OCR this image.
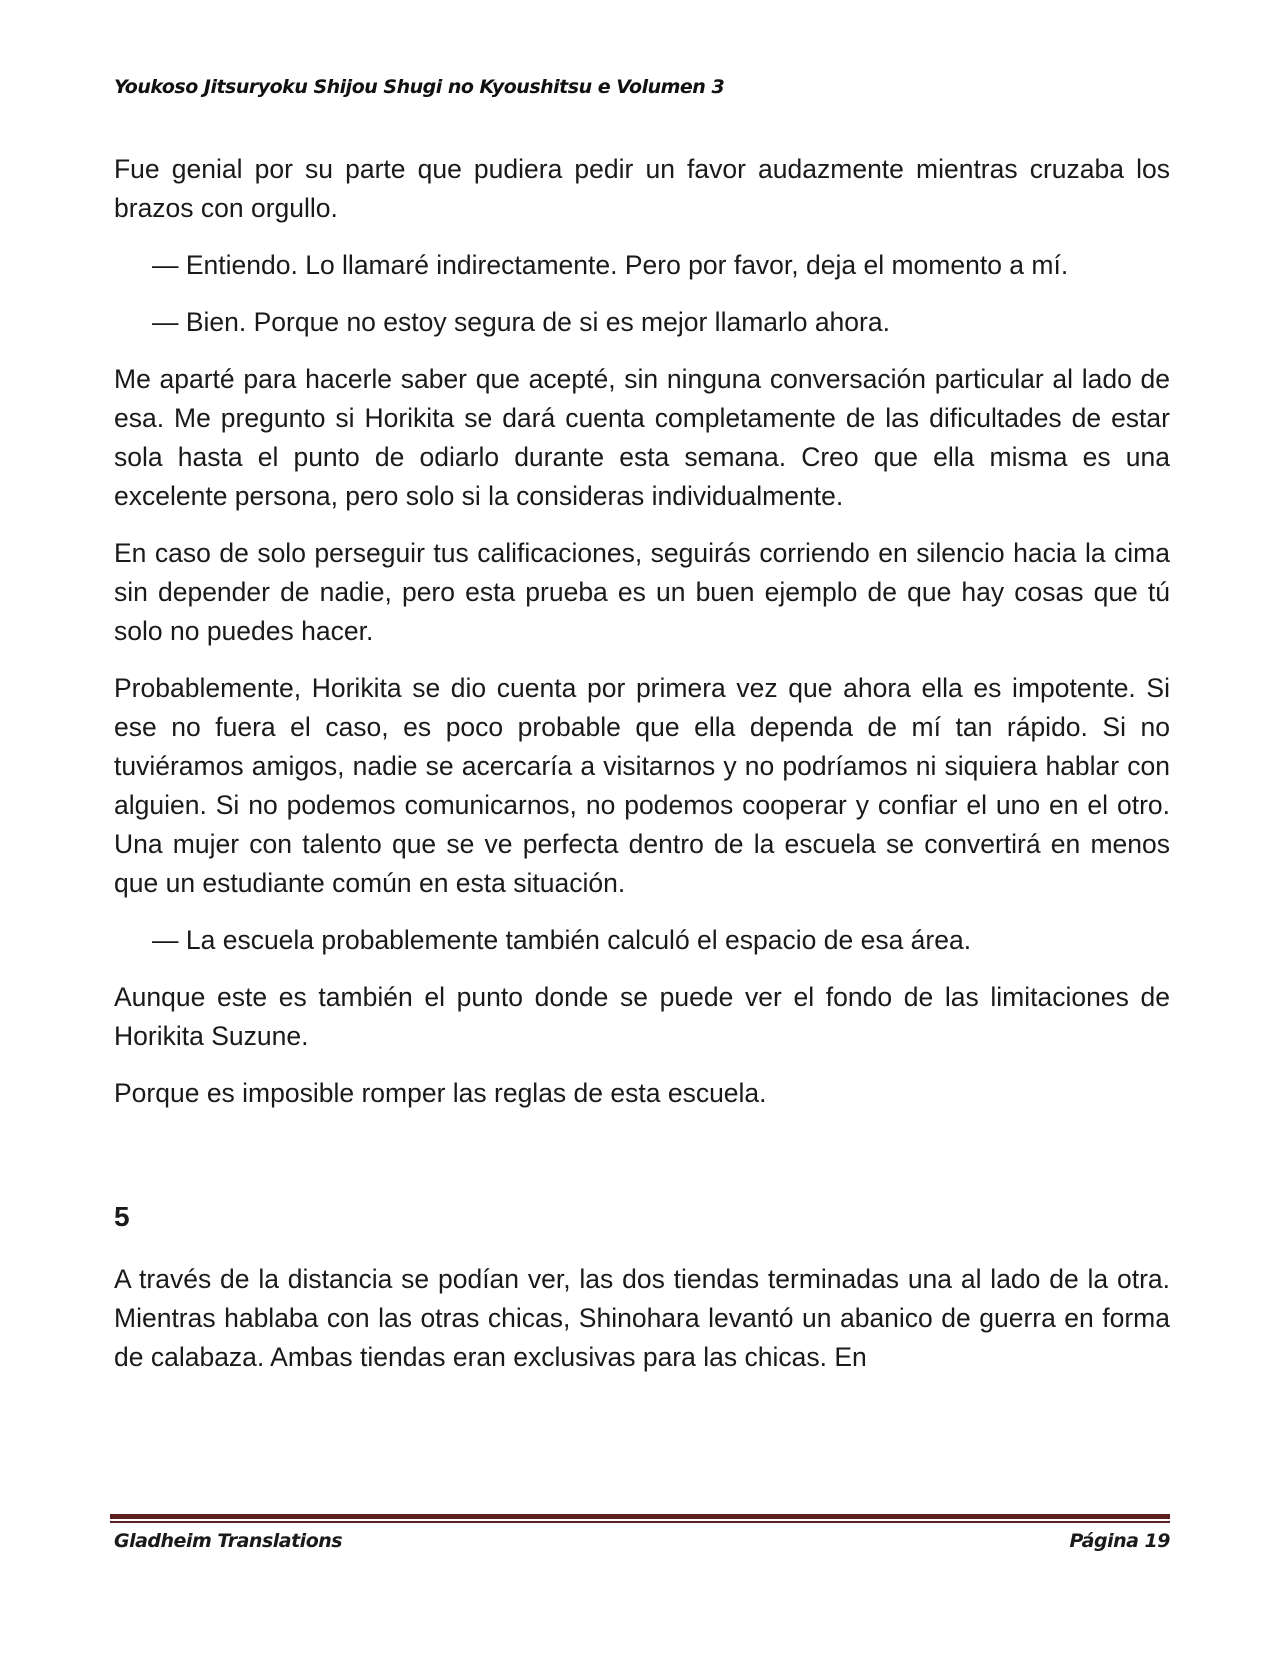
Youkoso Jitsuryoku Shijou Shugi no Kyoushitsu e Volumen 3

Fue genial por su parte que pudiera pedir un favor audazmente mientras cruzaba los brazos con orgullo.

— Entiendo. Lo llamaré indirectamente. Pero por favor, deja el momento a mí.

— Bien. Porque no estoy segura de si es mejor llamarlo ahora.

Me aparté para hacerle saber que acepté, sin ninguna conversación particular al lado de esa. Me pregunto si Horikita se dará cuenta completamente de las dificultades de estar sola hasta el punto de odiarlo durante esta semana. Creo que ella misma es una excelente persona, pero solo si la consideras individualmente.

En caso de solo perseguir tus calificaciones, seguirás corriendo en silencio hacia la cima sin depender de nadie, pero esta prueba es un buen ejemplo de que hay cosas que tú solo no puedes hacer.

Probablemente, Horikita se dio cuenta por primera vez que ahora ella es impotente. Si ese no fuera el caso, es poco probable que ella dependa de mí tan rápido. Si no tuviéramos amigos, nadie se acercaría a visitarnos y no podríamos ni siquiera hablar con alguien. Si no podemos comunicarnos, no podemos cooperar y confiar el uno en el otro. Una mujer con talento que se ve perfecta dentro de la escuela se convertirá en menos que un estudiante común en esta situación.

— La escuela probablemente también calculó el espacio de esa área.

Aunque este es también el punto donde se puede ver el fondo de las limitaciones de Horikita Suzune.

Porque es imposible romper las reglas de esta escuela.

5

A través de la distancia se podían ver, las dos tiendas terminadas una al lado de la otra. Mientras hablaba con las otras chicas, Shinohara levantó un abanico de guerra en forma de calabaza. Ambas tiendas eran exclusivas para las chicas. En

Gladheim Translations	Página 19
